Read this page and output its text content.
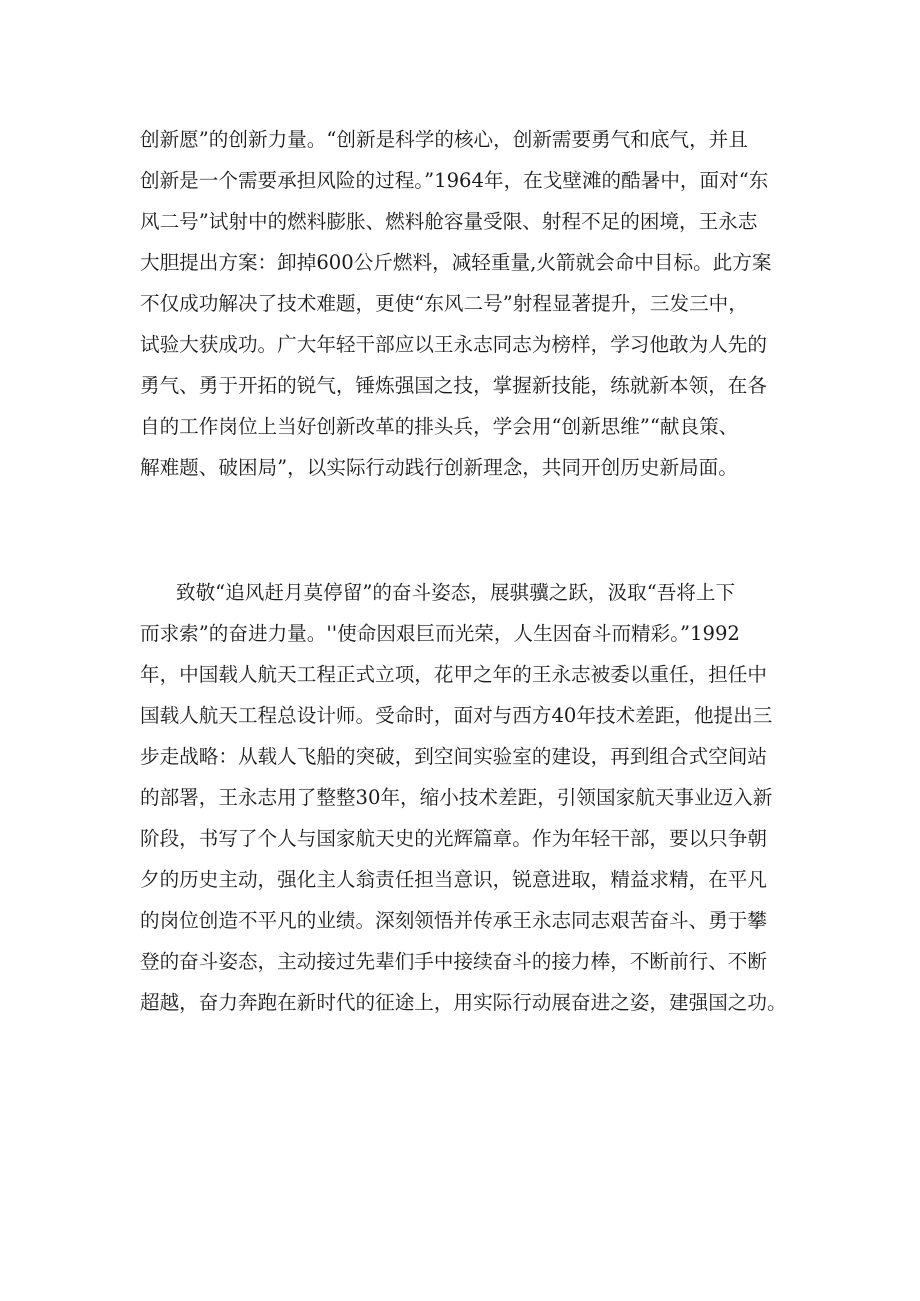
创新愿”的创新力量。“创新是科学的核心，创新需要勇气和底气，并且
创新是一个需要承担风险的过程。”1964年，在戈壁滩的酷暑中，面对“东
风二号”试射中的燃料膨胀、燃料舱容量受限、射程不足的困境，王永志
大胆提出方案：卸掉600公斤燃料，减轻重量,火箭就会命中目标。此方案
不仅成功解决了技术难题，更使“东风二号”射程显著提升，三发三中，
试验大获成功。广大年轻干部应以王永志同志为榜样，学习他敢为人先的
勇气、勇于开拓的锐气，锤炼强国之技，掌握新技能，练就新本领，在各
自的工作岗位上当好创新改革的排头兵，学会用“创新思维”“献良策、
解难题、破困局”，以实际行动践行创新理念，共同开创历史新局面。
致敬“追风赶月莫停留”的奋斗姿态，展骐骥之跃，汲取“吾将上下
而求索”的奋进力量。''使命因艰巨而光荣，人生因奋斗而精彩。”1992
年，中国载人航天工程正式立项，花甲之年的王永志被委以重任，担任中
国载人航天工程总设计师。受命时，面对与西方40年技术差距，他提出三
步走战略：从载人飞船的突破，到空间实验室的建设，再到组合式空间站
的部署，王永志用了整整30年，缩小技术差距，引领国家航天事业迈入新
阶段，书写了个人与国家航天史的光辉篇章。作为年轻干部，要以只争朝
夕的历史主动，强化主人翁责任担当意识，锐意进取，精益求精，在平凡
的岗位创造不平凡的业绩。深刻领悟并传承王永志同志艰苦奋斗、勇于攀
登的奋斗姿态，主动接过先辈们手中接续奋斗的接力棒，不断前行、不断
超越，奋力奔跑在新时代的征途上，用实际行动展奋进之姿，建强国之功。
